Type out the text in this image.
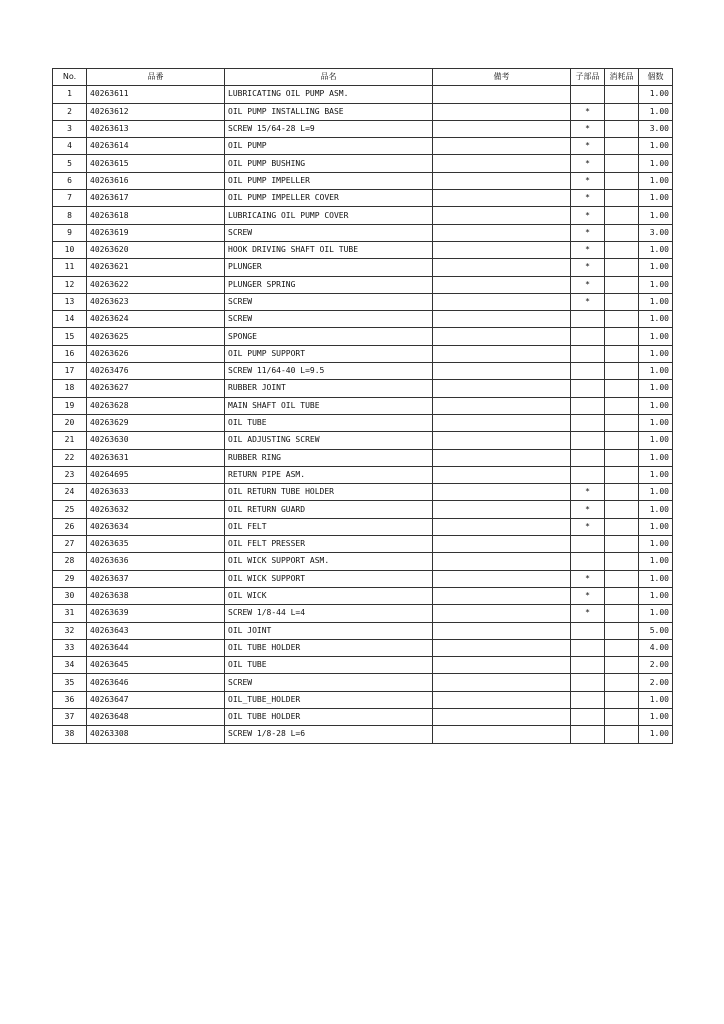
No.	品番	品名	備考	子部品	消耗品	個数
1	40263611	LUBRICATING OIL PUMP ASM.				1.00
2	40263612	OIL PUMP INSTALLING BASE		*		1.00
3	40263613	SCREW 15/64-28 L=9		*		3.00
4	40263614	OIL PUMP		*		1.00
5	40263615	OIL PUMP BUSHING		*		1.00
6	40263616	OIL PUMP IMPELLER		*		1.00
7	40263617	OIL PUMP IMPELLER COVER		*		1.00
8	40263618	LUBRICAING OIL PUMP COVER		*		1.00
9	40263619	SCREW		*		3.00
10	40263620	HOOK DRIVING SHAFT OIL TUBE		*		1.00
11	40263621	PLUNGER		*		1.00
12	40263622	PLUNGER SPRING		*		1.00
13	40263623	SCREW		*		1.00
14	40263624	SCREW				1.00
15	40263625	SPONGE				1.00
16	40263626	OIL PUMP SUPPORT				1.00
17	40263476	SCREW 11/64-40 L=9.5				1.00
18	40263627	RUBBER JOINT				1.00
19	40263628	MAIN SHAFT OIL TUBE				1.00
20	40263629	OIL TUBE				1.00
21	40263630	OIL ADJUSTING SCREW				1.00
22	40263631	RUBBER RING				1.00
23	40264695	RETURN PIPE ASM.				1.00
24	40263633	OIL RETURN TUBE HOLDER		*		1.00
25	40263632	OIL RETURN GUARD		*		1.00
26	40263634	OIL FELT		*		1.00
27	40263635	OIL FELT PRESSER				1.00
28	40263636	OIL WICK SUPPORT ASM.				1.00
29	40263637	OIL WICK SUPPORT		*		1.00
30	40263638	OIL WICK		*		1.00
31	40263639	SCREW 1/8-44 L=4		*		1.00
32	40263643	OIL JOINT				5.00
33	40263644	OIL TUBE HOLDER				4.00
34	40263645	OIL TUBE				2.00
35	40263646	SCREW				2.00
36	40263647	OIL_TUBE_HOLDER				1.00
37	40263648	OIL TUBE HOLDER				1.00
38	40263308	SCREW 1/8-28 L=6				1.00
